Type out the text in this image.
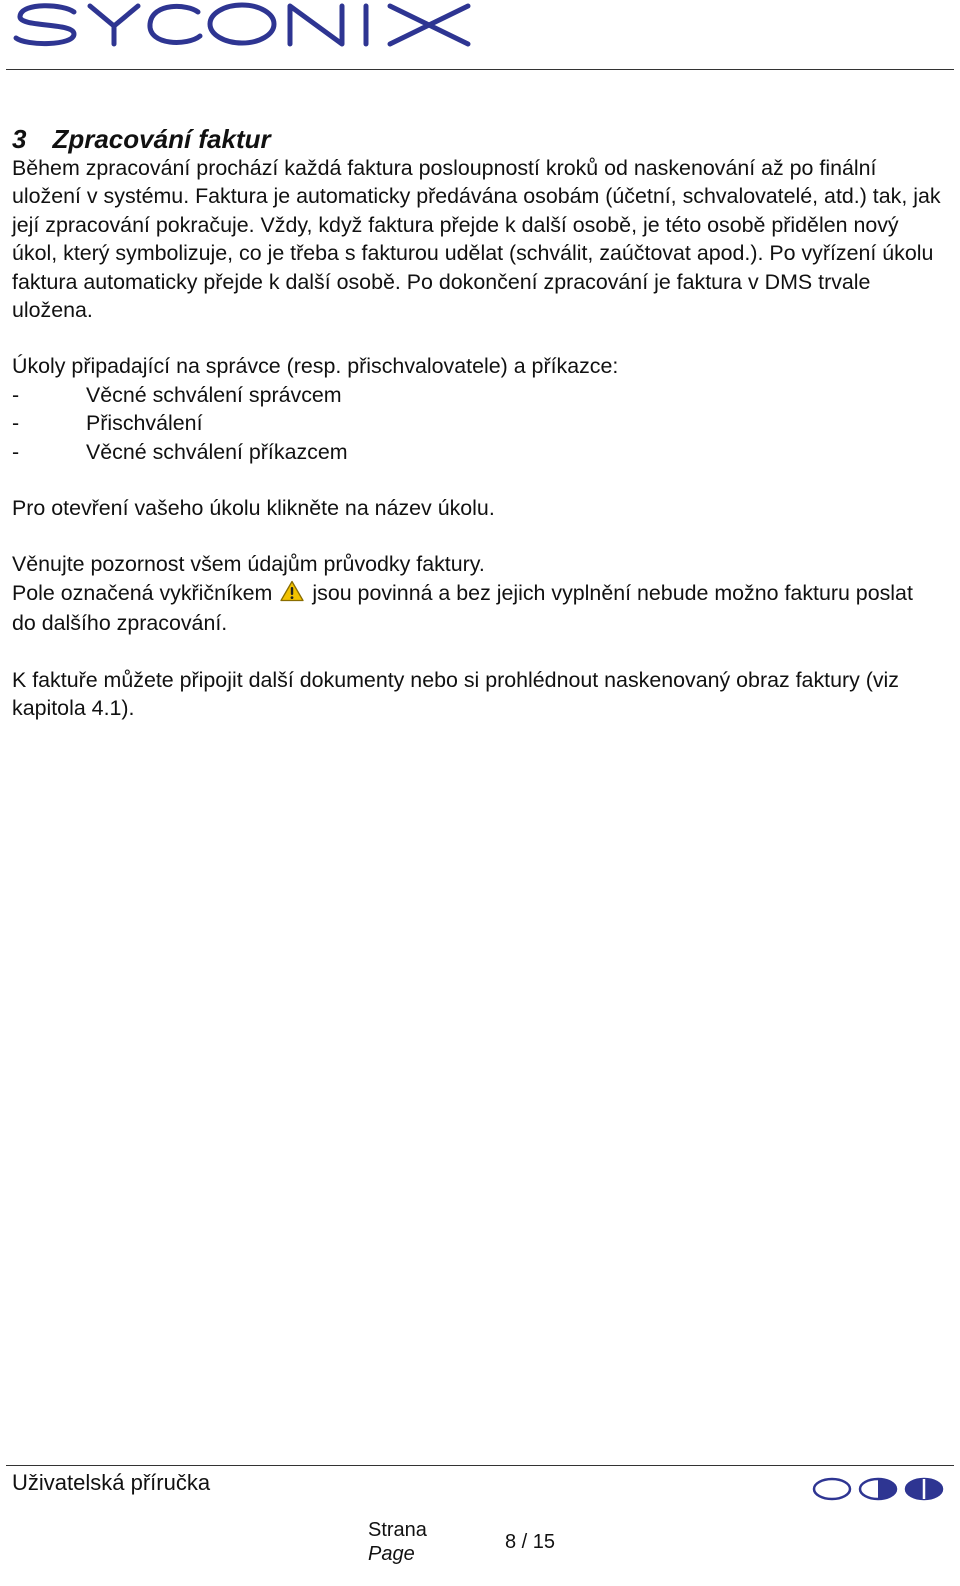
3 Zpracování faktur

Během zpracování prochází každá faktura posloupností kroků od naskenování až po finální uložení v systému. Faktura je automaticky předávána osobám (účetní, schvalovatelé, atd.) tak, jak její zpracování pokračuje. Vždy, když faktura přejde k další osobě, je této osobě přidělen nový úkol, který symbolizuje, co je třeba s fakturou udělat (schválit, zaúčtovat apod.). Po vyřízení úkolu faktura automaticky přejde k další osobě. Po dokončení zpracování je faktura v DMS trvale uložena.

Úkoly připadající na správce (resp. přischvalovatele) a příkazce:

-	Věcné schválení správcem
-	Přischválení
-	Věcné schválení příkazcem

Pro otevření vašeho úkolu klikněte na název úkolu.

Věnujte pozornost všem údajům průvodky faktury.

Pole označená vykřičníkem jsou povinná a bez jejich vyplnění nebude možno fakturu poslat do dalšího zpracování.

K faktuře můžete připojit další dokumenty nebo si prohlédnout naskenovaný obraz faktury (viz kapitola 4.1).

Uživatelská příručka
Strana
Page
8 / 15
